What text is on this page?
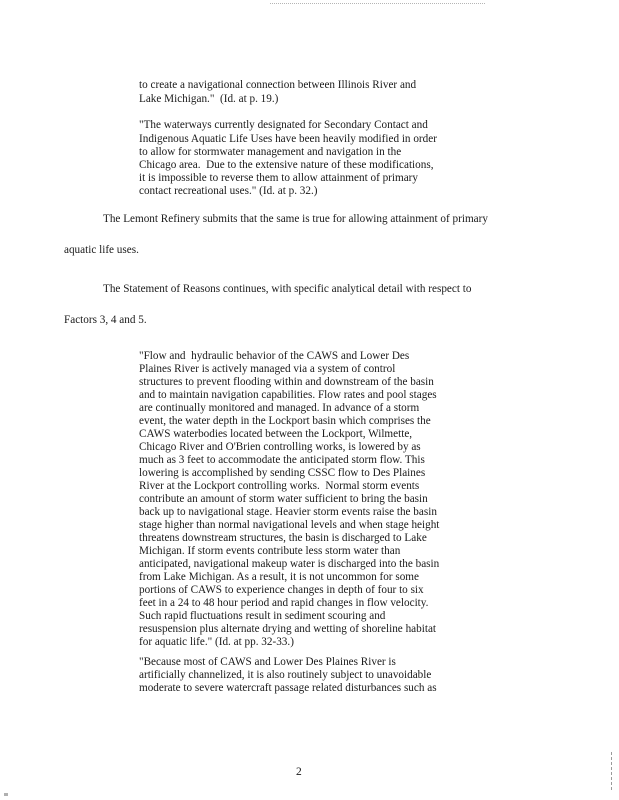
to create a navigational connection between Illinois River and

Lake Michigan."  (Id. at p. 19.)

"The waterways currently designated for Secondary Contact and

Indigenous Aquatic Life Uses have been heavily modified in order

to allow for stormwater management and navigation in the

Chicago area.  Due to the extensive nature of these modifications,

it is impossible to reverse them to allow attainment of primary

contact recreational uses." (Id. at p. 32.)

The Lemont Refinery submits that the same is true for allowing attainment of primary

aquatic life uses.

The Statement of Reasons continues, with specific analytical detail with respect to

Factors 3, 4 and 5.

"Flow and  hydraulic behavior of the CAWS and Lower Des

Plaines River is actively managed via a system of control

structures to prevent flooding within and downstream of the basin

and to maintain navigation capabilities. Flow rates and pool stages

are continually monitored and managed. In advance of a storm

event, the water depth in the Lockport basin which comprises the

CAWS waterbodies located between the Lockport, Wilmette,

Chicago River and O'Brien controlling works, is lowered by as

much as 3 feet to accommodate the anticipated storm flow. This

lowering is accomplished by sending CSSC flow to Des Plaines

River at the Lockport controlling works.  Normal storm events

contribute an amount of storm water sufficient to bring the basin

back up to navigational stage. Heavier storm events raise the basin

stage higher than normal navigational levels and when stage height

threatens downstream structures, the basin is discharged to Lake

Michigan. If storm events contribute less storm water than

anticipated, navigational makeup water is discharged into the basin

from Lake Michigan. As a result, it is not uncommon for some

portions of CAWS to experience changes in depth of four to six

feet in a 24 to 48 hour period and rapid changes in flow velocity.

Such rapid fluctuations result in sediment scouring and

resuspension plus alternate drying and wetting of shoreline habitat

for aquatic life." (Id. at pp. 32-33.)

"Because most of CAWS and Lower Des Plaines River is

artificially channelized, it is also routinely subject to unavoidable

moderate to severe watercraft passage related disturbances such as

2
